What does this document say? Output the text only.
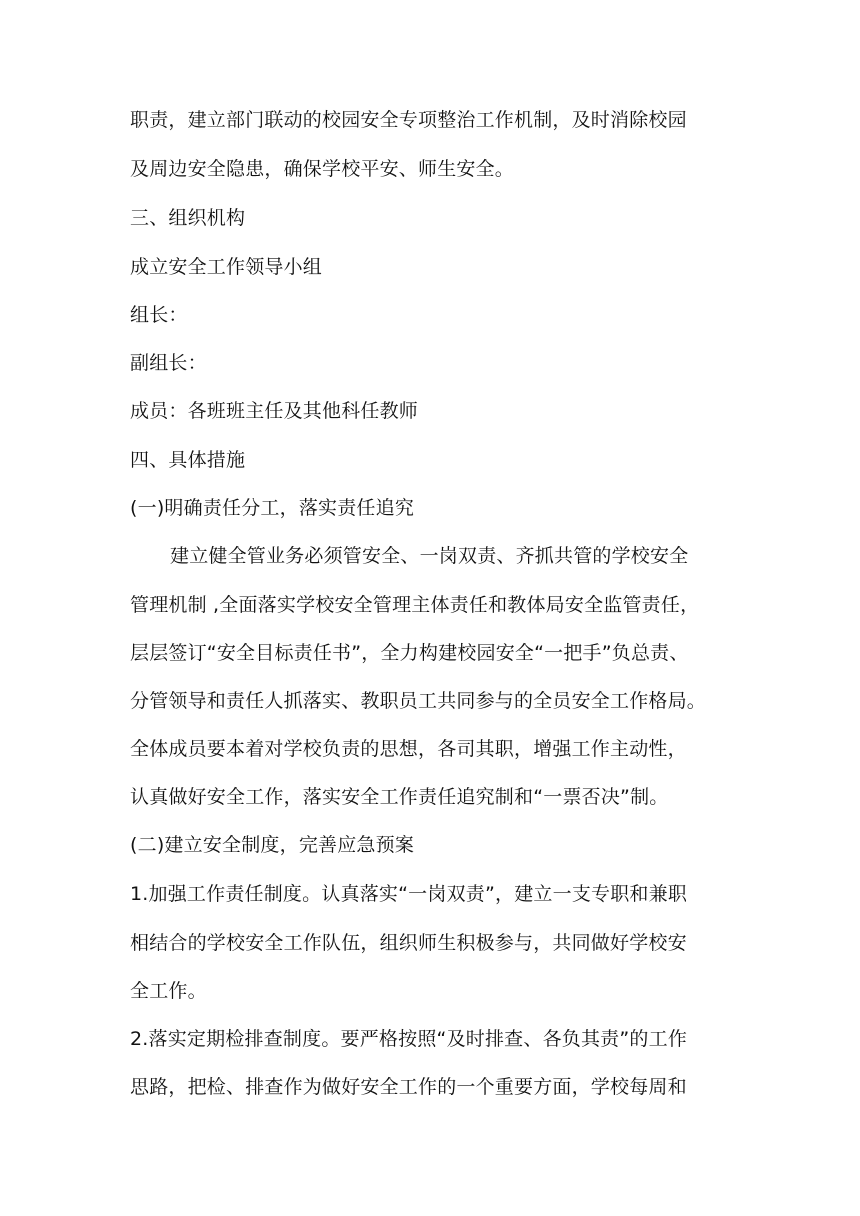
职责，建立部门联动的校园安全专项整治工作机制，及时消除校园
及周边安全隐患，确保学校平安、师生安全。
三、组织机构
成立安全工作领导小组
组长：
副组长：
成员：各班班主任及其他科任教师
四、具体措施
(一)明确责任分工，落实责任追究
建立健全管业务必须管安全、一岗双责、齐抓共管的学校安全
管理机制 ,全面落实学校安全管理主体责任和教体局安全监管责任，
层层签订“安全目标责任书”，全力构建校园安全“一把手”负总责、
分管领导和责任人抓落实、教职员工共同参与的全员安全工作格局。
全体成员要本着对学校负责的思想，各司其职，增强工作主动性，
认真做好安全工作，落实安全工作责任追究制和“一票否决”制。
(二)建立安全制度，完善应急预案
1.加强工作责任制度。认真落实“一岗双责”，建立一支专职和兼职
相结合的学校安全工作队伍，组织师生积极参与，共同做好学校安
全工作。
2.落实定期检排查制度。要严格按照“及时排查、各负其责”的工作
思路，把检、排查作为做好安全工作的一个重要方面，学校每周和
